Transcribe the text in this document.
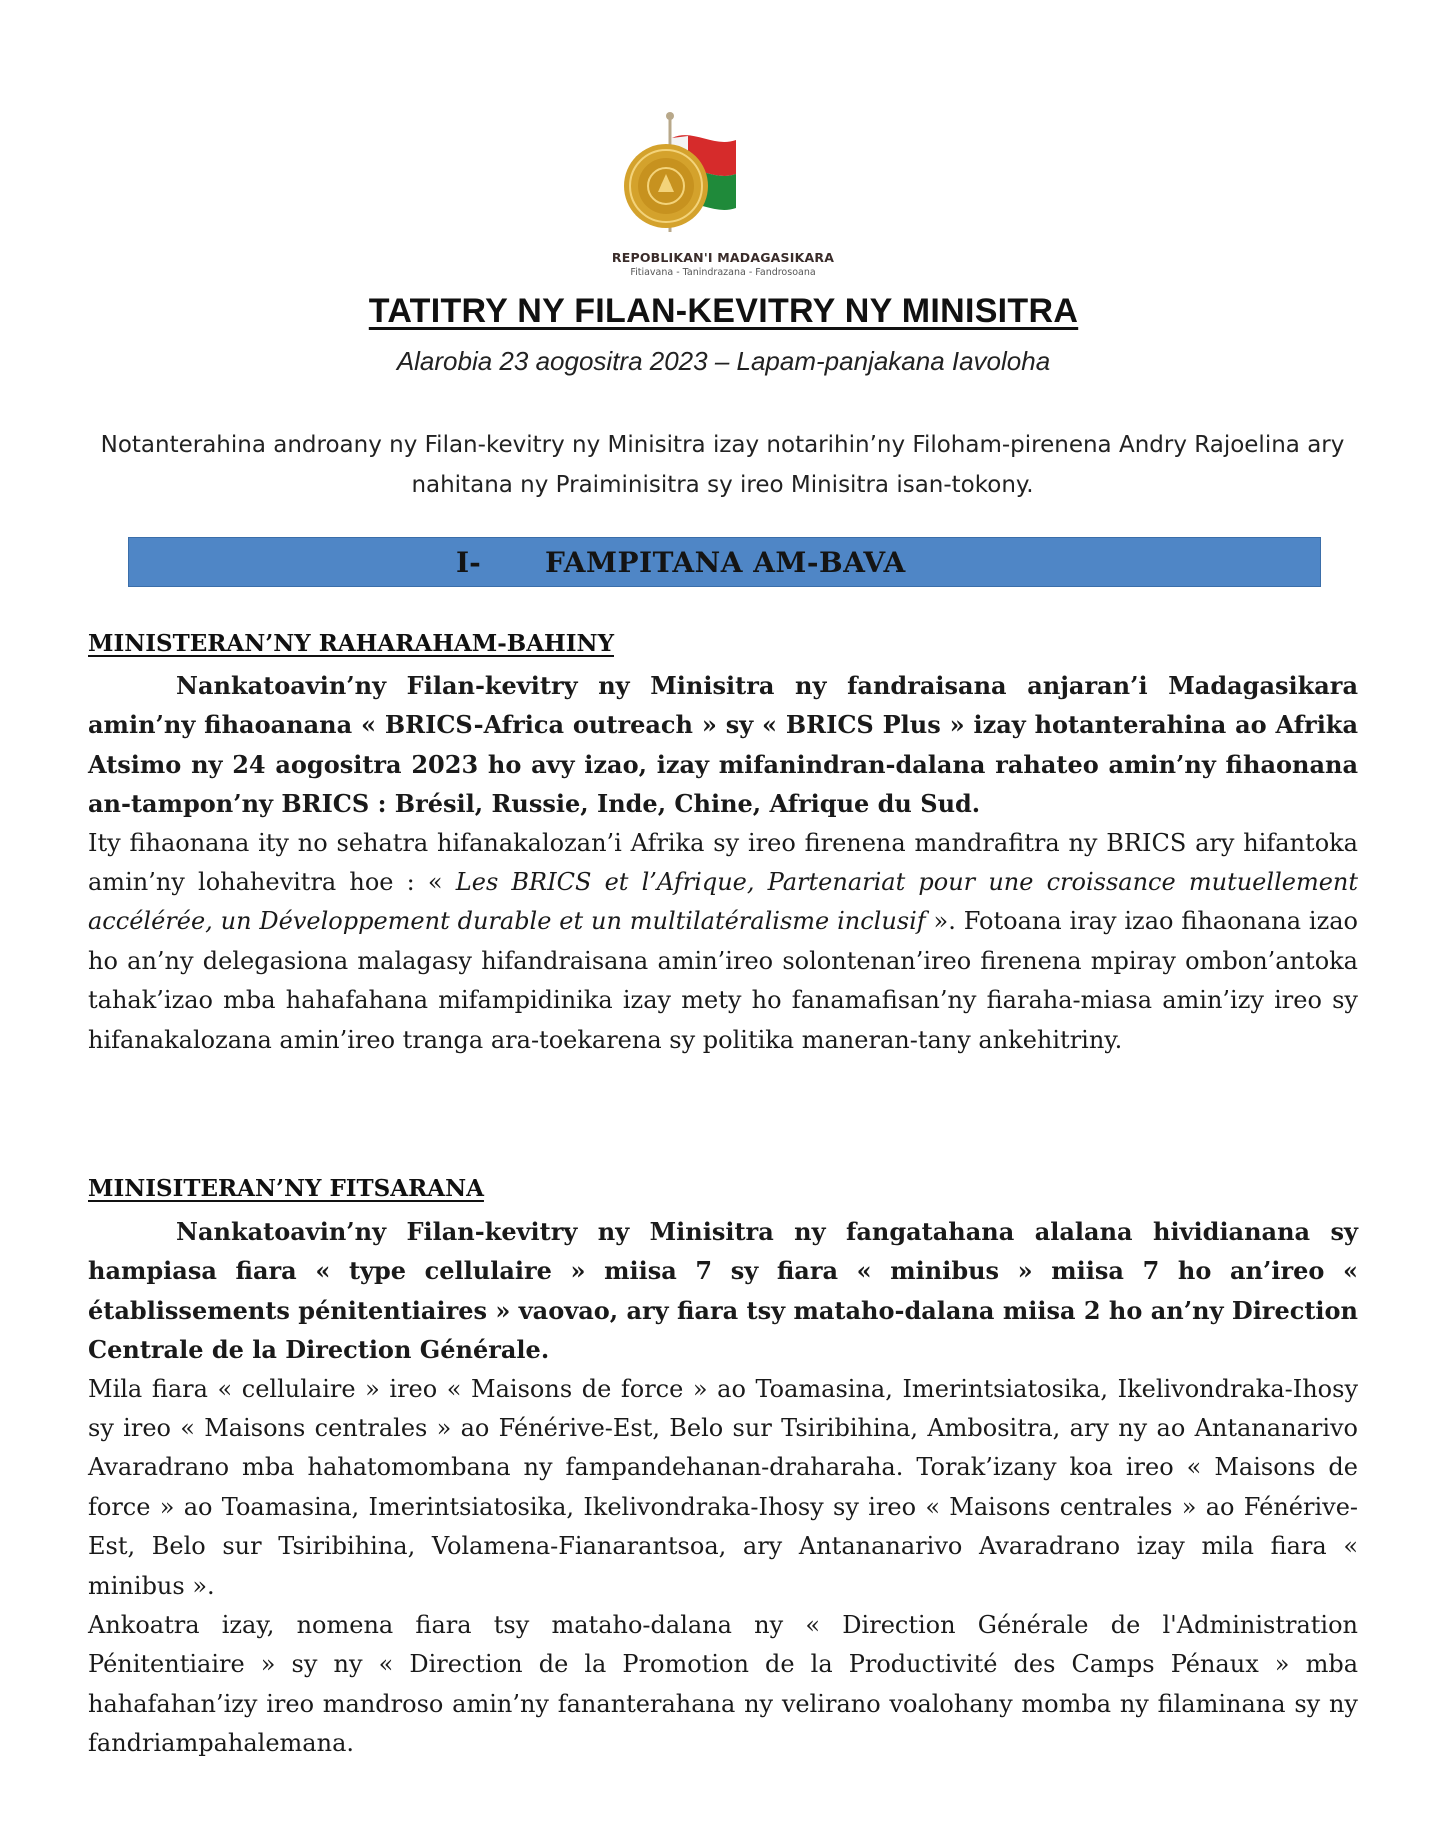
REPOBLIKAN'I MADAGASIKARA
Fitiavana - Tanindrazana - Fandrosoana
TATITRY NY FILAN-KEVITRY NY MINISITRA
Alarobia 23 aogositra 2023 – Lapam-panjakana Iavoloha
Notanterahina androany ny Filan-kevitry ny Minisitra izay notarihin’ny Filoham-pirenena Andry Rajoelina ary nahitana ny Praiminisitra sy ireo Minisitra isan-tokony.
I- FAMPITANA AM-BAVA
MINISTERAN’NY RAHARAHAM-BAHINY

Nankatoavin’ny Filan-kevitry ny Minisitra ny fandraisana anjaran’i Madagasikara amin’ny fihaoanana « BRICS-Africa outreach » sy « BRICS Plus » izay hotanterahina ao Afrika Atsimo ny 24 aogositra 2023 ho avy izao, izay mifanindran-dalana rahateo amin’ny fihaonana an-tampon’ny BRICS : Brésil, Russie, Inde, Chine, Afrique du Sud.

Ity fihaonana ity no sehatra hifanakalozan’i Afrika sy ireo firenena mandrafitra ny BRICS ary hifantoka amin’ny lohahevitra hoe : « Les BRICS et l’Afrique, Partenariat pour une croissance mutuellement accélérée, un Développement durable et un multilatéralisme inclusif ». Fotoana iray izao fihaonana izao ho an’ny delegasiona malagasy hifandraisana amin’ireo solontenan’ireo firenena mpiray ombon’antoka tahak’izao mba hahafahana mifampidinika izay mety ho fanamafisan’ny fiaraha-miasa amin’izy ireo sy hifanakalozana amin’ireo tranga ara-toekarena sy politika maneran-tany ankehitriny.

MINISITERAN’NY FITSARANA

Nankatoavin’ny Filan-kevitry ny Minisitra ny fangatahana alalana hividianana sy hampiasa fiara « type cellulaire » miisa 7 sy fiara « minibus » miisa 7 ho an’ireo « établissements pénitentiaires » vaovao, ary fiara tsy mataho-dalana miisa 2 ho an’ny Direction Centrale de la Direction Générale.

Mila fiara « cellulaire » ireo « Maisons de force » ao Toamasina, Imerintsiatosika, Ikelivondraka-Ihosy sy ireo « Maisons centrales » ao Fénérive-Est, Belo sur Tsiribihina, Ambositra, ary ny ao Antananarivo Avaradrano mba hahatomombana ny fampandehanan-draharaha. Torak’izany koa ireo « Maisons de force » ao Toamasina, Imerintsiatosika, Ikelivondraka-Ihosy sy ireo « Maisons centrales » ao Fénérive-Est, Belo sur Tsiribihina, Volamena-Fianarantsoa, ary Antananarivo Avaradrano izay mila fiara « minibus ».

Ankoatra izay, nomena fiara tsy mataho-dalana ny « Direction Générale de l'Administration Pénitentiaire » sy ny « Direction de la Promotion de la Productivité des Camps Pénaux » mba hahafahan’izy ireo mandroso amin’ny fananterahana ny velirano voalohany momba ny filaminana sy ny fandriampahalemana.
